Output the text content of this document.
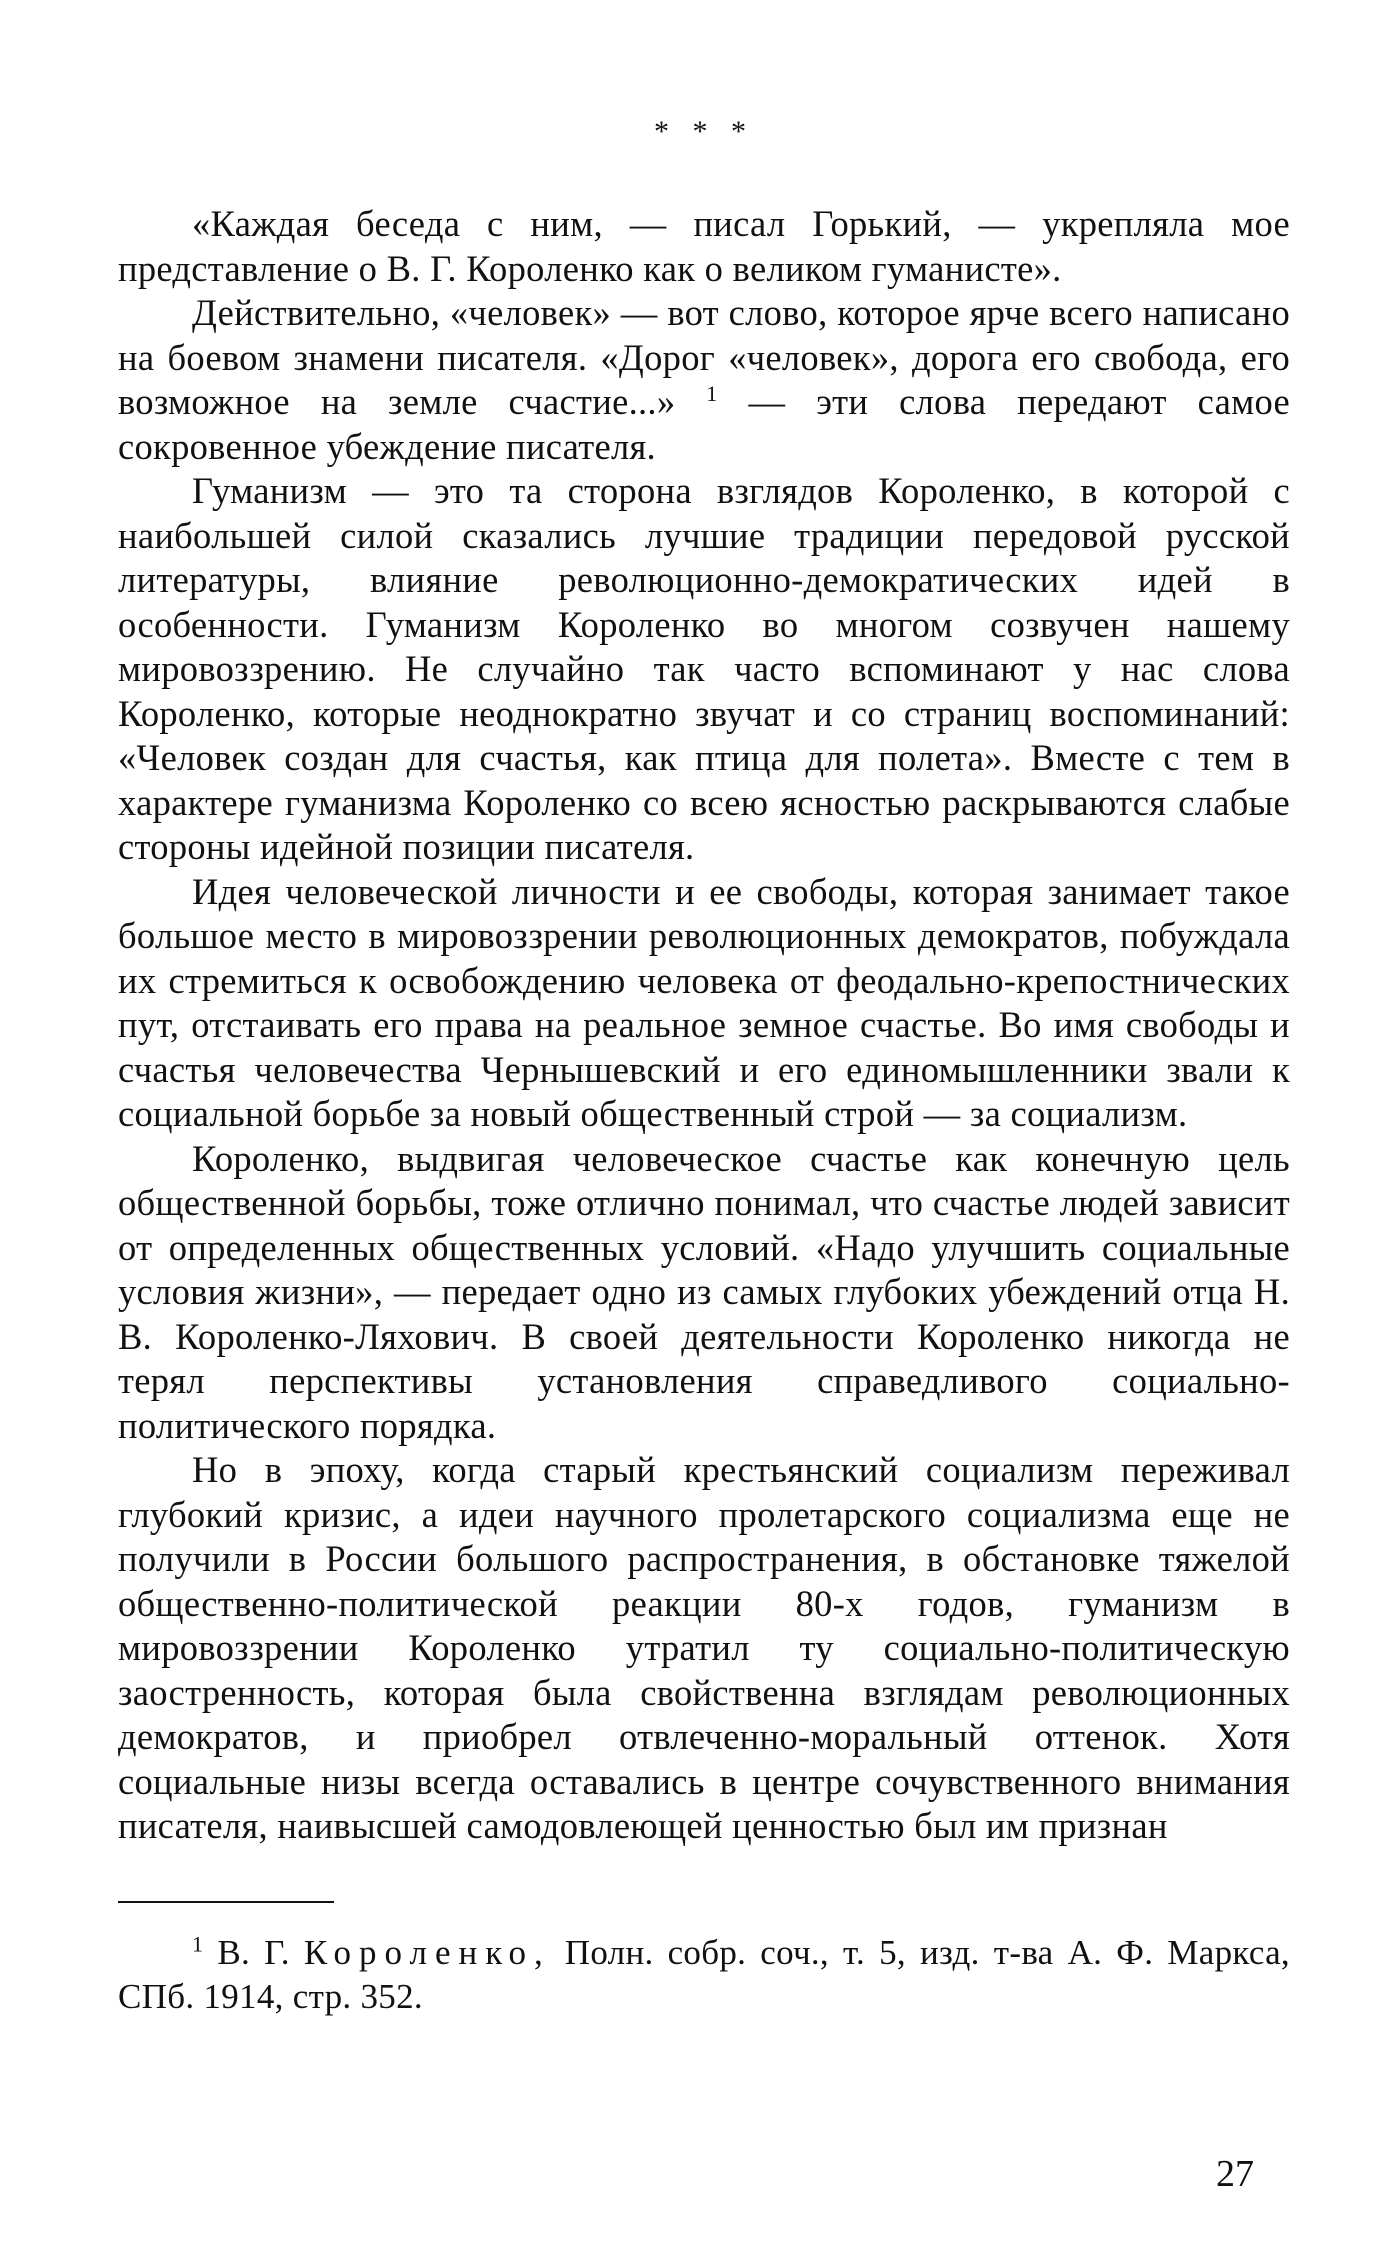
* * *

«Каждая беседа с ним, — писал Горький, — укрепляла мое представление о В. Г. Короленко как о великом гуманисте».

Действительно, «человек» — вот слово, которое ярче всего написано на боевом знамени писателя. «Дорог «человек», дорога его свобода, его возможное на земле счастие...» $^1$ — эти слова передают самое сокровенное убеждение писателя.

Гуманизм — это та сторона взглядов Короленко, в которой с наибольшей силой сказались лучшие традиции передовой русской литературы, влияние революционно-демократических идей в особенности. Гуманизм Короленко во многом созвучен нашему мировоззрению. Не случайно так часто вспоминают у нас слова Короленко, которые неоднократно звучат и со страниц воспоминаний: «Человек создан для счастья, как птица для полета». Вместе с тем в характере гуманизма Короленко со всею ясностью раскрываются слабые стороны идейной позиции писателя.

Идея человеческой личности и ее свободы, которая занимает такое большое место в мировоззрении революционных демократов, побуждала их стремиться к освобождению человека от феодально-крепостнических пут, отстаивать его права на реальное земное счастье. Во имя свободы и счастья человечества Чернышевский и его единомышленники звали к социальной борьбе за новый общественный строй — за социализм.

Короленко, выдвигая человеческое счастье как конечную цель общественной борьбы, тоже отлично понимал, что счастье людей зависит от определенных общественных условий. «Надо улучшить социальные условия жизни», — передает одно из самых глубоких убеждений отца Н. В. Короленко-Ляхович. В своей деятельности Короленко никогда не терял перспективы установления справедливого социально-политического порядка.

Но в эпоху, когда старый крестьянский социализм переживал глубокий кризис, а идеи научного пролетарского социализма еще не получили в России большого распространения, в обстановке тяжелой общественно-политической реакции 80-х годов, гуманизм в мировоззрении Короленко утратил ту социально-политическую заостренность, которая была свойственна взглядам революционных демократов, и приобрел отвлеченно-моральный оттенок. Хотя социальные низы всегда оставались в центре сочувственного внимания писателя, наивысшей самодовлеющей ценностью был им признан

$^1$ В. Г. Короленко, Полн. собр. соч., т. 5, изд. т-ва А. Ф. Маркса, СПб. 1914, стр. 352.

27
